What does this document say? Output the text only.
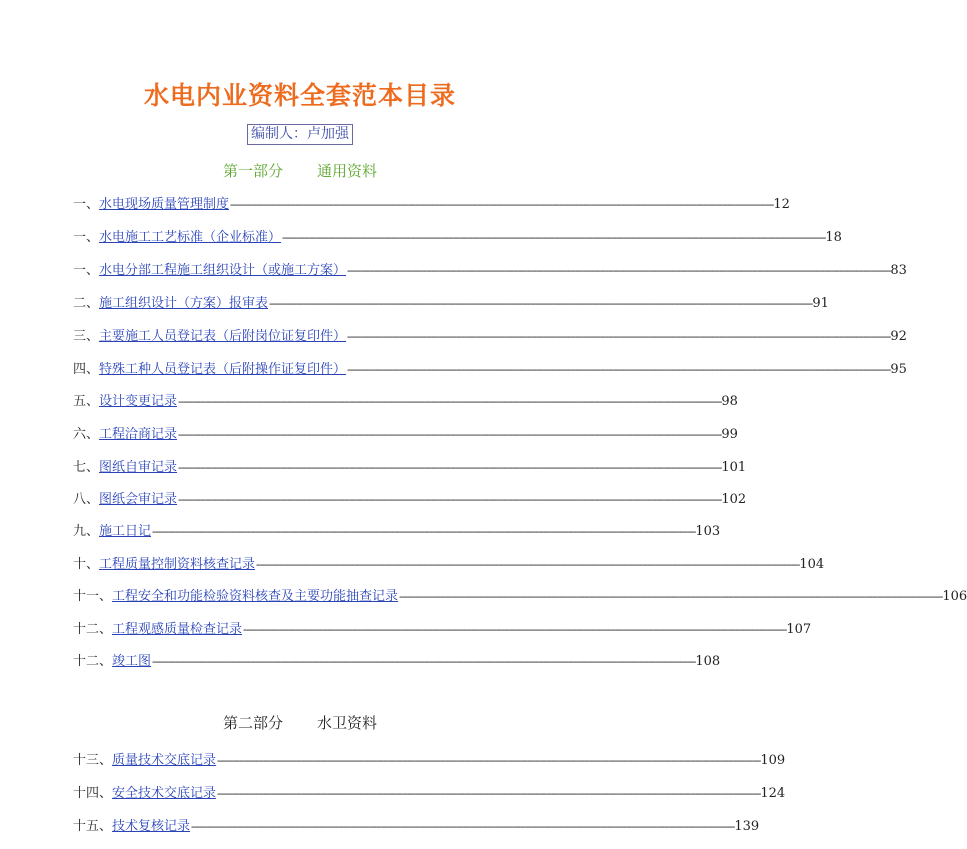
水电内业资料全套范本目录
编制人：卢加强
第一部分 通用资料
第二部分 水卫资料
一、 水电现场质量管理制度 -------------------------------------------------------------------------------------------------------------------------------------------------------------------------------------------------------- 12
一、 水电施工工艺标准（企业标准） -------------------------------------------------------------------------------------------------------------------------------------------------------------------------------------------------------- 18
一、 水电分部工程施工组织设计（或施工方案） -------------------------------------------------------------------------------------------------------------------------------------------------------------------------------------------------------- 83
二、 施工组织设计（方案）报审表 -------------------------------------------------------------------------------------------------------------------------------------------------------------------------------------------------------- 91
三、 主要施工人员登记表（后附岗位证复印件） -------------------------------------------------------------------------------------------------------------------------------------------------------------------------------------------------------- 92
四、 特殊工种人员登记表（后附操作证复印件） -------------------------------------------------------------------------------------------------------------------------------------------------------------------------------------------------------- 95
五、 设计变更记录 -------------------------------------------------------------------------------------------------------------------------------------------------------------------------------------------------------- 98
六、 工程洽商记录 -------------------------------------------------------------------------------------------------------------------------------------------------------------------------------------------------------- 99
七、 图纸自审记录 -------------------------------------------------------------------------------------------------------------------------------------------------------------------------------------------------------- 101
八、 图纸会审记录 -------------------------------------------------------------------------------------------------------------------------------------------------------------------------------------------------------- 102
九、 施工日记 -------------------------------------------------------------------------------------------------------------------------------------------------------------------------------------------------------- 103
十、 工程质量控制资料核查记录 -------------------------------------------------------------------------------------------------------------------------------------------------------------------------------------------------------- 104
十一、 工程安全和功能检验资料核查及主要功能抽查记录 -------------------------------------------------------------------------------------------------------------------------------------------------------------------------------------------------------- 106
十二、 工程观感质量检查记录 -------------------------------------------------------------------------------------------------------------------------------------------------------------------------------------------------------- 107
十二、 竣工图 -------------------------------------------------------------------------------------------------------------------------------------------------------------------------------------------------------- 108
十三、 质量技术交底记录 -------------------------------------------------------------------------------------------------------------------------------------------------------------------------------------------------------- 109
十四、 安全技术交底记录 -------------------------------------------------------------------------------------------------------------------------------------------------------------------------------------------------------- 124
十五、 技术复核记录 -------------------------------------------------------------------------------------------------------------------------------------------------------------------------------------------------------- 139
